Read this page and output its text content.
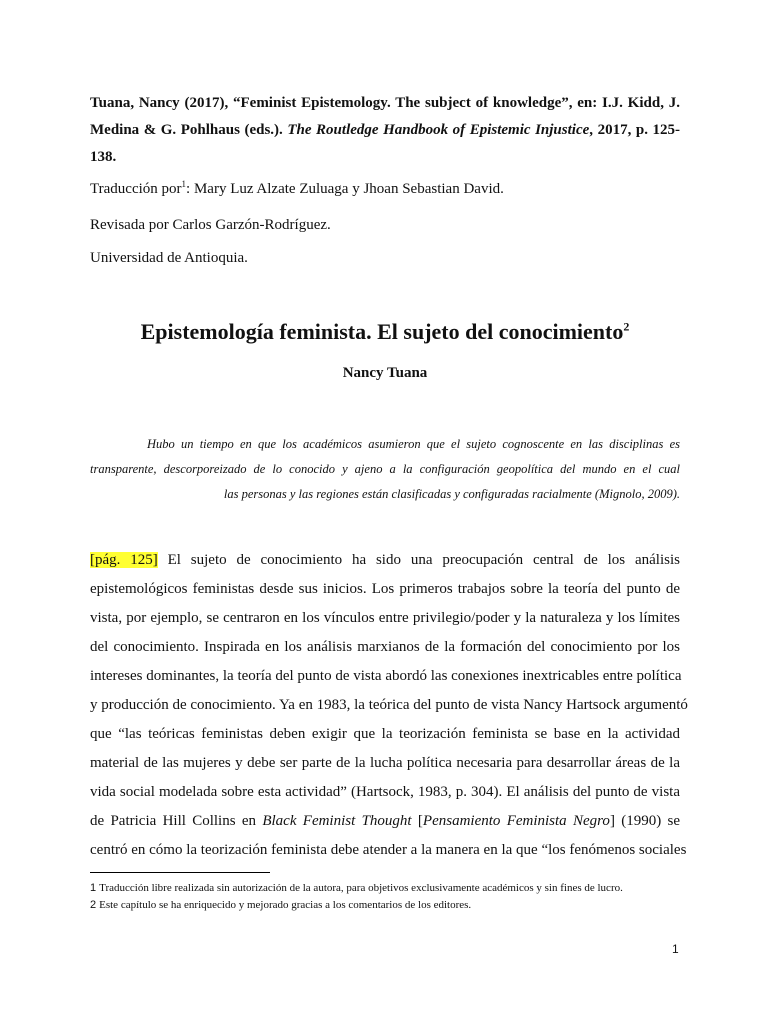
Tuana, Nancy (2017), “Feminist Epistemology. The subject of knowledge”, en: I.J. Kidd, J. Medina & G. Pohlhaus (eds.). The Routledge Handbook of Epistemic Injustice, 2017, p. 125-138.
Traducción por$^1$: Mary Luz Alzate Zuluaga y Jhoan Sebastian David.
Revisada por Carlos Garzón-Rodríguez.
Universidad de Antioquia.
Epistemología feminista. El sujeto del conocimiento$^2$
Nancy Tuana
Hubo un tiempo en que los académicos asumieron que el sujeto cognoscente en las disciplinas es
transparente, descorporeizado de lo conocido y ajeno a la configuración geopolítica del mundo en el cual
las personas y las regiones están clasificadas y configuradas racialmente (Mignolo, 2009).
[pág. 125] El sujeto de conocimiento ha sido una preocupación central de los análisis
epistemológicos feministas desde sus inicios. Los primeros trabajos sobre la teoría del punto de
vista, por ejemplo, se centraron en los vínculos entre privilegio/poder y la naturaleza y los límites
del conocimiento. Inspirada en los análisis marxianos de la formación del conocimiento por los
intereses dominantes, la teoría del punto de vista abordó las conexiones inextricables entre política
y producción de conocimiento. Ya en 1983, la teórica del punto de vista Nancy Hartsock argumentó
que “las teóricas feministas deben exigir que la teorización feminista se base en la actividad
material de las mujeres y debe ser parte de la lucha política necesaria para desarrollar áreas de la
vida social modelada sobre esta actividad” (Hartsock, 1983, p. 304). El análisis del punto de vista
de Patricia Hill Collins en Black Feminist Thought [Pensamiento Feminista Negro] (1990) se
centró en cómo la teorización feminista debe atender a la manera en la que “los fenómenos sociales
1 Traducción libre realizada sin autorización de la autora, para objetivos exclusivamente académicos y sin fines de lucro.
2 Este capítulo se ha enriquecido y mejorado gracias a los comentarios de los editores.
1
